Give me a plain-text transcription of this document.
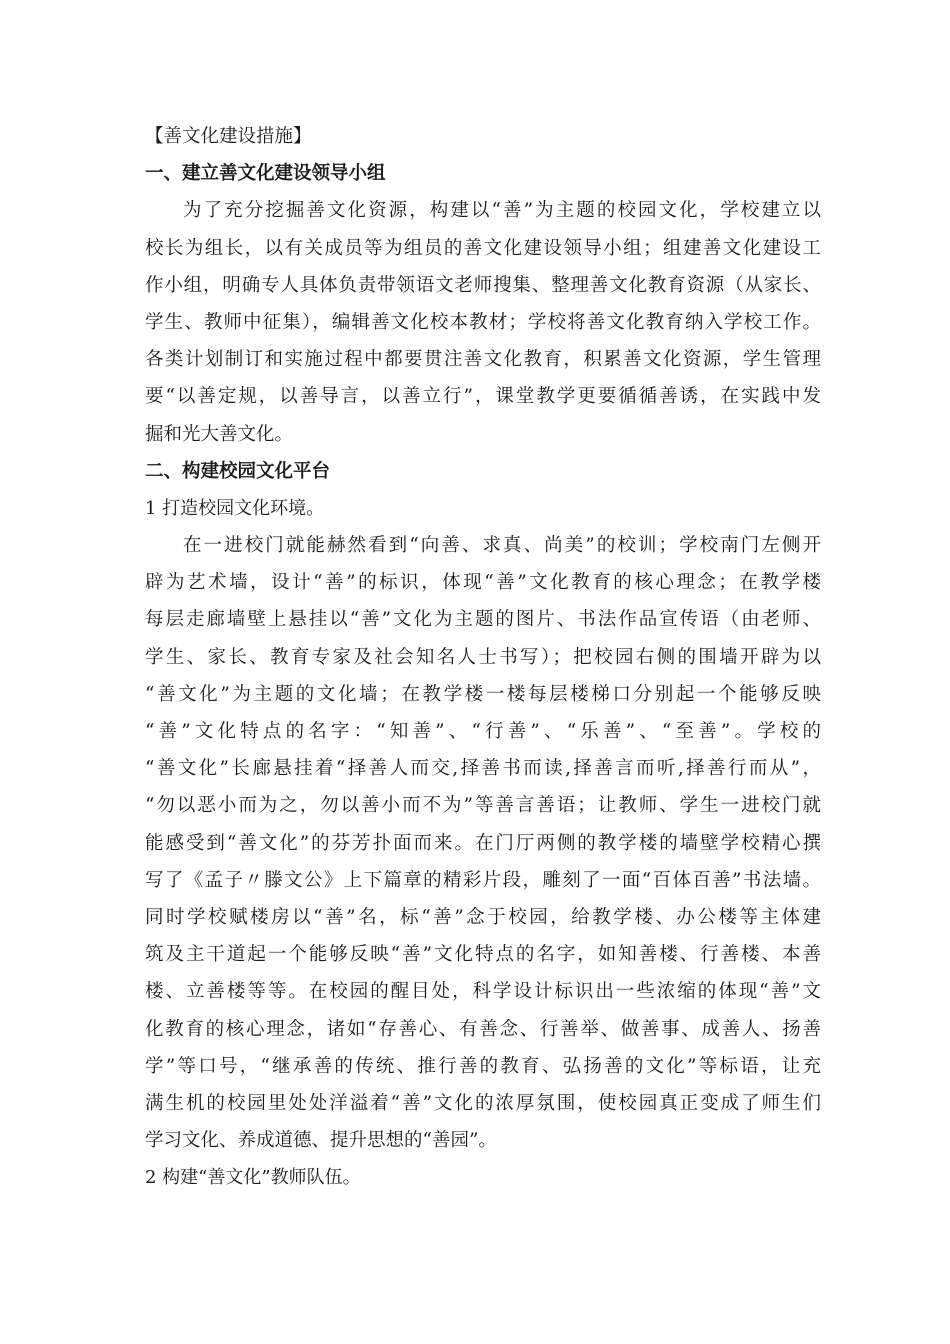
【善文化建设措施】
一、建立善文化建设领导小组
为了充分挖掘善文化资源，构建以“善”为主题的校园文化，学校建立以
校长为组长，以有关成员等为组员的善文化建设领导小组；组建善文化建设工
作小组，明确专人具体负责带领语文老师搜集、整理善文化教育资源（从家长、
学生、教师中征集），编辑善文化校本教材；学校将善文化教育纳入学校工作。
各类计划制订和实施过程中都要贯注善文化教育，积累善文化资源，学生管理
要“以善定规，以善导言，以善立行”，课堂教学更要循循善诱，在实践中发
掘和光大善文化。
二、构建校园文化平台
1 打造校园文化环境。
在一进校门就能赫然看到“向善、求真、尚美”的校训；学校南门左侧开
辟为艺术墙，设计“善”的标识，体现“善”文化教育的核心理念；在教学楼
每层走廊墙壁上悬挂以“善”文化为主题的图片、书法作品宣传语（由老师、
学生、家长、教育专家及社会知名人士书写）；把校园右侧的围墙开辟为以
“善文化”为主题的文化墙；在教学楼一楼每层楼梯口分别起一个能够反映
“善”文化特点的名字：“知善”、“行善”、“乐善”、“至善”。学校的
“善文化”长廊悬挂着“择善人而交,择善书而读,择善言而听,择善行而从”，
“勿以恶小而为之，勿以善小而不为”等善言善语；让教师、学生一进校门就
能感受到“善文化”的芬芳扑面而来。在门厅两侧的教学楼的墙壁学校精心撰
写了《孟子〃滕文公》上下篇章的精彩片段，雕刻了一面“百体百善”书法墙。
同时学校赋楼房以“善”名，标“善”念于校园，给教学楼、办公楼等主体建
筑及主干道起一个能够反映“善”文化特点的名字，如知善楼、行善楼、本善
楼、立善楼等等。在校园的醒目处，科学设计标识出一些浓缩的体现“善”文
化教育的核心理念，诸如“存善心、有善念、行善举、做善事、成善人、扬善
学”等口号，“继承善的传统、推行善的教育、弘扬善的文化”等标语，让充
满生机的校园里处处洋溢着“善”文化的浓厚氛围，使校园真正变成了师生们
学习文化、养成道德、提升思想的“善园”。
2 构建“善文化”教师队伍。
